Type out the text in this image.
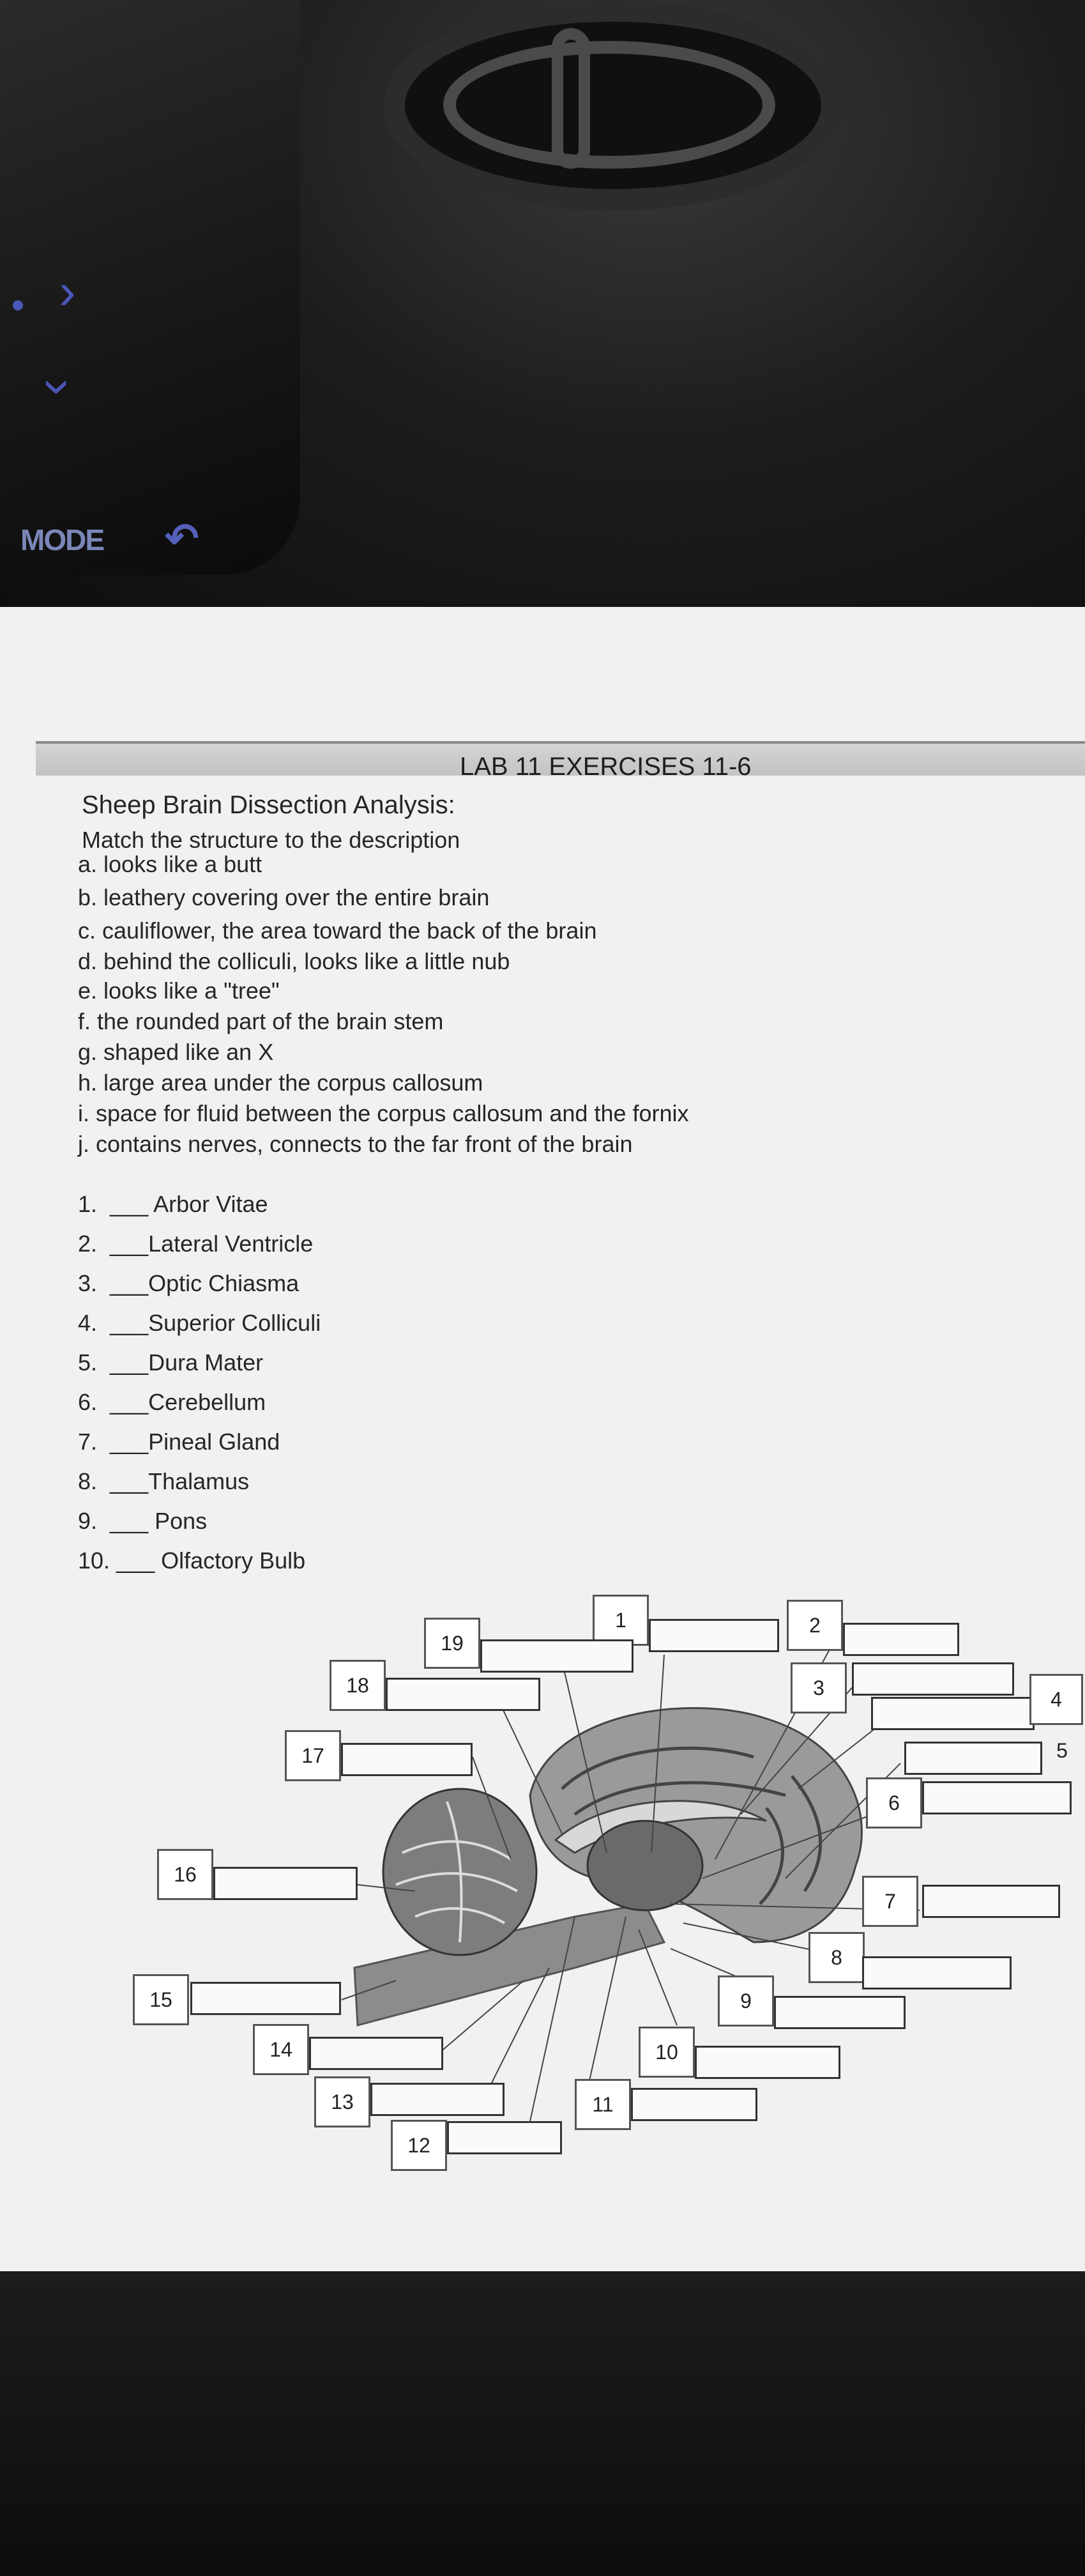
›
›
MODE ↶
LAB 11 EXERCISES 11-6
Sheep Brain Dissection Analysis:
Match the structure to the description
a. looks like a butt
b. leathery covering over the entire brain
c. cauliflower, the area toward the back of the brain
d. behind the colliculi, looks like a little nub
e. looks like a "tree"
f. the rounded part of the brain stem
g. shaped like an X
h. large area under the corpus callosum
i. space for fluid between the corpus callosum and the fornix
j. contains nerves, connects to the far front of the brain
1.  ___ Arbor Vitae
2.  ___Lateral Ventricle
3.  ___Optic Chiasma
4.  ___Superior Colliculi
5.  ___Dura Mater
6.  ___Cerebellum
7.  ___Pineal Gland
8.  ___Thalamus
9.  ___ Pons
10. ___ Olfactory Bulb
1	2
3	4
5
6
7
8
9
10
11
12
13
14
15
16
17
18
19
